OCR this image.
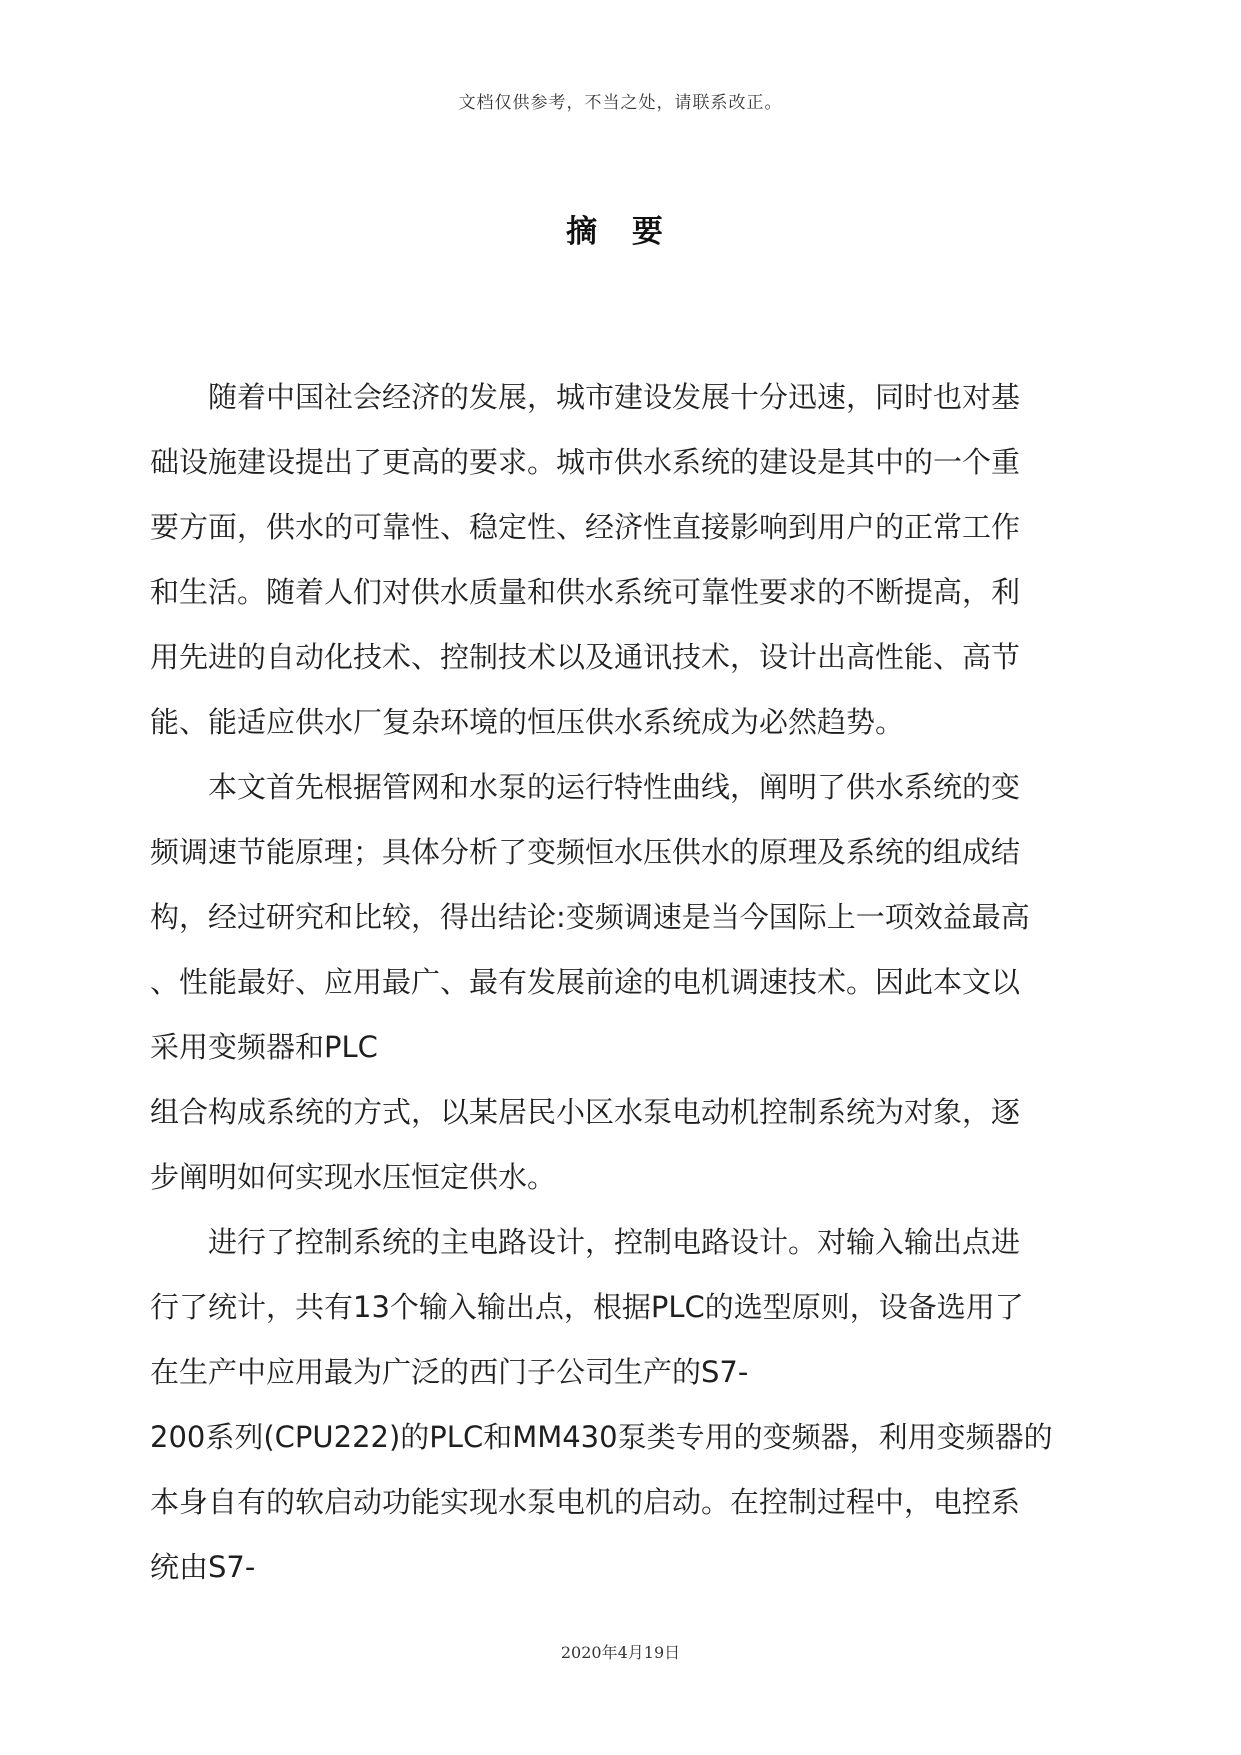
文档仅供参考，不当之处，请联系改正。
摘 要
随着中国社会经济的发展，城市建设发展十分迅速，同时也对基
础设施建设提出了更高的要求。城市供水系统的建设是其中的一个重
要方面，供水的可靠性、稳定性、经济性直接影响到用户的正常工作
和生活。随着人们对供水质量和供水系统可靠性要求的不断提高，利
用先进的自动化技术、控制技术以及通讯技术，设计出高性能、高节
能、能适应供水厂复杂环境的恒压供水系统成为必然趋势。
本文首先根据管网和水泵的运行特性曲线，阐明了供水系统的变
频调速节能原理；具体分析了变频恒水压供水的原理及系统的组成结
构，经过研究和比较，得出结论:变频调速是当今国际上一项效益最高
、性能最好、应用最广、最有发展前途的电机调速技术。因此本文以
采用变频器和PLC
组合构成系统的方式，以某居民小区水泵电动机控制系统为对象，逐
步阐明如何实现水压恒定供水。
进行了控制系统的主电路设计，控制电路设计。对输入输出点进
行了统计，共有13个输入输出点，根据PLC的选型原则，设备选用了
在生产中应用最为广泛的西门子公司生产的S7-
200系列(CPU222)的PLC和MM430泵类专用的变频器，利用变频器的
本身自有的软启动功能实现水泵电机的启动。在控制过程中，电控系
统由S7-
2020年4月19日
